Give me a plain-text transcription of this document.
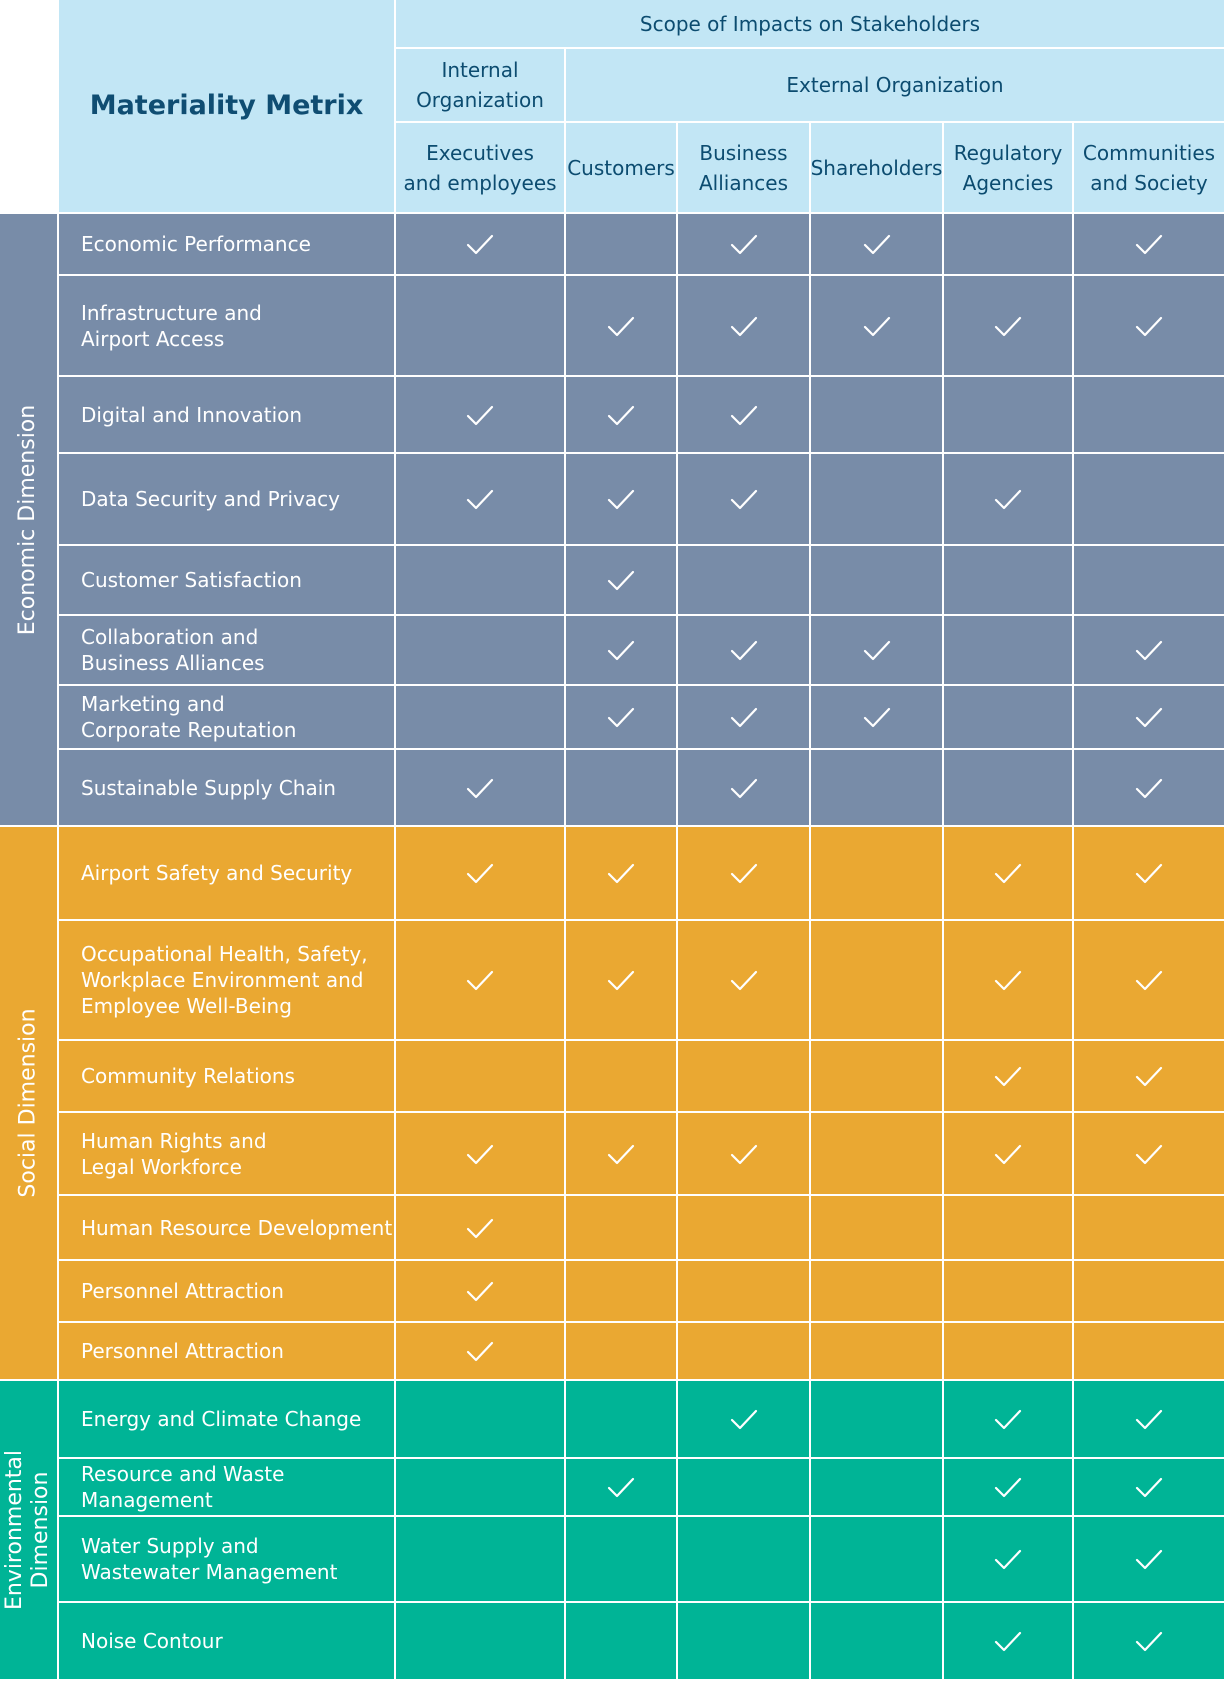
Materiality Metrix
Scope of Impacts on Stakeholders
Internal
Organization
External Organization
Executives
and employees
Customers
Business
Alliances
Shareholders
Regulatory
Agencies
Communities
and Society
Economic Dimension
Economic Performance
Infrastructure and
Airport Access
Digital and Innovation
Data Security and Privacy
Customer Satisfaction
Collaboration and
Business Alliances
Marketing and
Corporate Reputation
Sustainable Supply Chain
Social Dimension
Airport Safety and Security
Occupational Health, Safety,
Workplace Environment and
Employee Well-Being
Community Relations
Human Rights and
Legal Workforce
Human Resource Development
Personnel Attraction
Personnel Attraction
Environmental
Dimension
Energy and Climate Change
Resource and Waste Management
Water Supply and
Wastewater Management
Noise Contour
